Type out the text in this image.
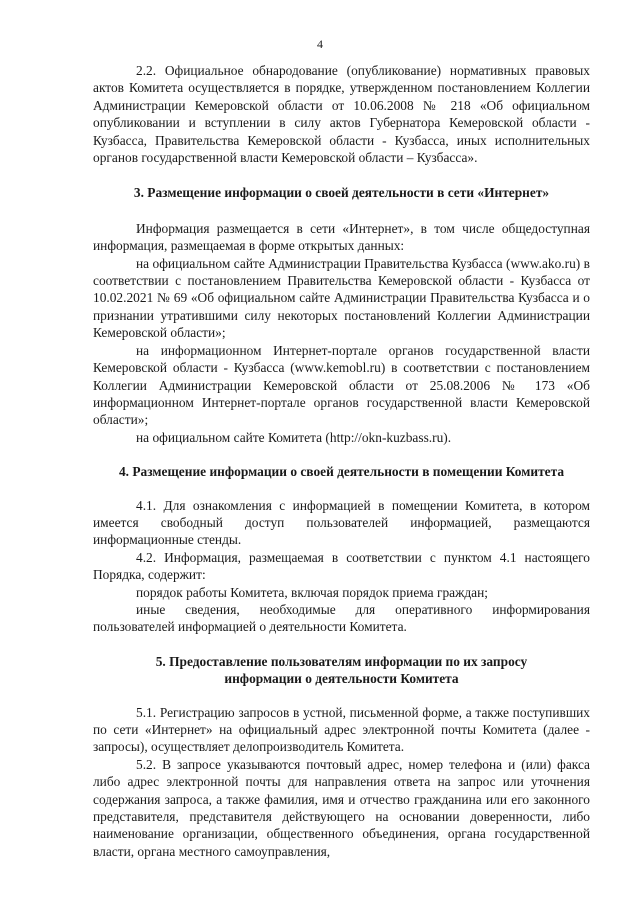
4

2.2. Официальное обнародование (опубликование) нормативных правовых актов Комитета осуществляется в порядке, утвержденном постановлением Коллегии Администрации Кемеровской области от 10.06.2008 № 218 «Об официальном опубликовании и вступлении в силу актов Губернатора Кемеровской области - Кузбасса, Правительства Кемеровской области - Кузбасса, иных исполнительных органов государственной власти Кемеровской области – Кузбасса».

3. Размещение информации о своей деятельности в сети «Интернет»

Информация размещается в сети «Интернет», в том числе общедоступная информация, размещаемая в форме открытых данных:

на официальном сайте Администрации Правительства Кузбасса (www.ako.ru) в соответствии с постановлением Правительства Кемеровской области - Кузбасса от 10.02.2021 № 69 «Об официальном сайте Администрации Правительства Кузбасса и о признании утратившими силу некоторых постановлений Коллегии Администрации Кемеровской области»;

на информационном Интернет-портале органов государственной власти Кемеровской области - Кузбасса (www.kemobl.ru) в соответствии с постановлением Коллегии Администрации Кемеровской области от 25.08.2006 № 173 «Об информационном Интернет-портале органов государственной власти Кемеровской области»;

на официальном сайте Комитета (http://okn-kuzbass.ru).

4. Размещение информации о своей деятельности в помещении Комитета

4.1. Для ознакомления с информацией в помещении Комитета, в котором имеется свободный доступ пользователей информацией, размещаются информационные стенды.

4.2. Информация, размещаемая в соответствии с пунктом 4.1 настоящего Порядка, содержит:

порядок работы Комитета, включая порядок приема граждан;

иные сведения, необходимые для оперативного информирования пользователей информацией о деятельности Комитета.

5. Предоставление пользователям информации по их запросу
информации о деятельности Комитета

5.1. Регистрацию запросов в устной, письменной форме, а также поступивших по сети «Интернет» на официальный адрес электронной почты Комитета (далее - запросы), осуществляет делопроизводитель Комитета.

5.2. В запросе указываются почтовый адрес, номер телефона и (или) факса либо адрес электронной почты для направления ответа на запрос или уточнения содержания запроса, а также фамилия, имя и отчество гражданина или его законного представителя, представителя действующего на основании доверенности, либо наименование организации, общественного объединения, органа государственной власти, органа местного самоуправления,
